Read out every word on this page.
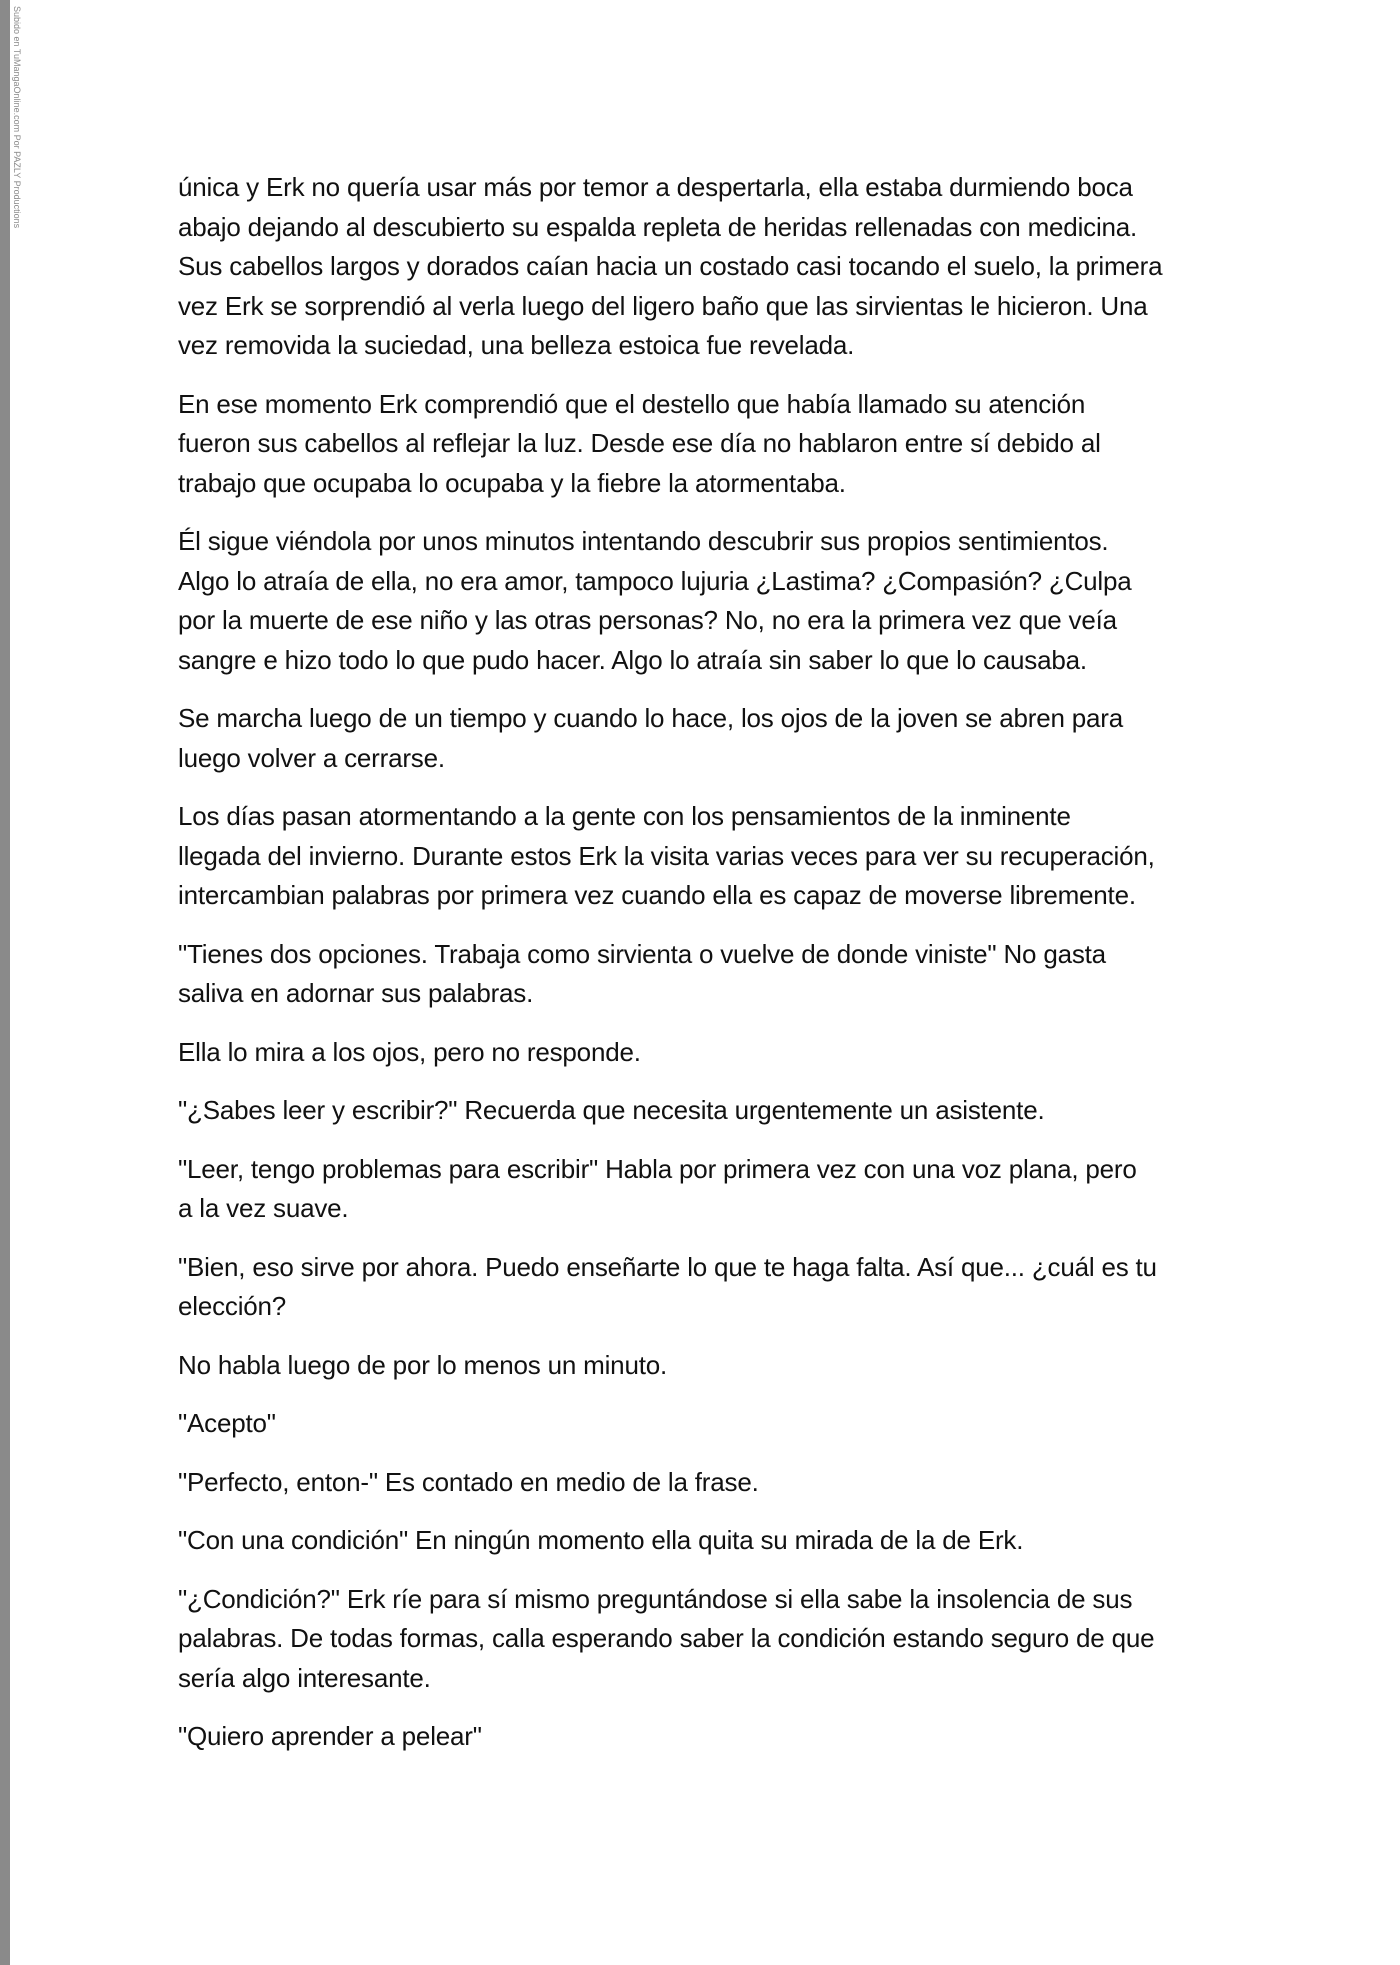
Subido en TuMangaOnline.com Por PAZLY Productions	única y Erk no quería usar más por temor a despertarla, ella estaba durmiendo boca
abajo dejando al descubierto su espalda repleta de heridas rellenadas con medicina.
Sus cabellos largos y dorados caían hacia un costado casi tocando el suelo, la primera
vez Erk se sorprendió al verla luego del ligero baño que las sirvientas le hicieron. Una
vez removida la suciedad, una belleza estoica fue revelada.

En ese momento Erk comprendió que el destello que había llamado su atención
fueron sus cabellos al reflejar la luz. Desde ese día no hablaron entre sí debido al
trabajo que ocupaba lo ocupaba y la fiebre la atormentaba.

Él sigue viéndola por unos minutos intentando descubrir sus propios sentimientos.
Algo lo atraía de ella, no era amor, tampoco lujuria ¿Lastima? ¿Compasión? ¿Culpa
por la muerte de ese niño y las otras personas? No, no era la primera vez que veía
sangre e hizo todo lo que pudo hacer. Algo lo atraía sin saber lo que lo causaba.

Se marcha luego de un tiempo y cuando lo hace, los ojos de la joven se abren para
luego volver a cerrarse.

Los días pasan atormentando a la gente con los pensamientos de la inminente
llegada del invierno. Durante estos Erk la visita varias veces para ver su recuperación,
intercambian palabras por primera vez cuando ella es capaz de moverse libremente.

"Tienes dos opciones. Trabaja como sirvienta o vuelve de donde viniste" No gasta
saliva en adornar sus palabras.

Ella lo mira a los ojos, pero no responde.

"¿Sabes leer y escribir?" Recuerda que necesita urgentemente un asistente.

"Leer, tengo problemas para escribir" Habla por primera vez con una voz plana, pero
a la vez suave.

"Bien, eso sirve por ahora. Puedo enseñarte lo que te haga falta. Así que... ¿cuál es tu
elección?

No habla luego de por lo menos un minuto.

"Acepto"

"Perfecto, enton-" Es contado en medio de la frase.

"Con una condición" En ningún momento ella quita su mirada de la de Erk.

"¿Condición?" Erk ríe para sí mismo preguntándose si ella sabe la insolencia de sus
palabras. De todas formas, calla esperando saber la condición estando seguro de que
sería algo interesante.

"Quiero aprender a pelear"
